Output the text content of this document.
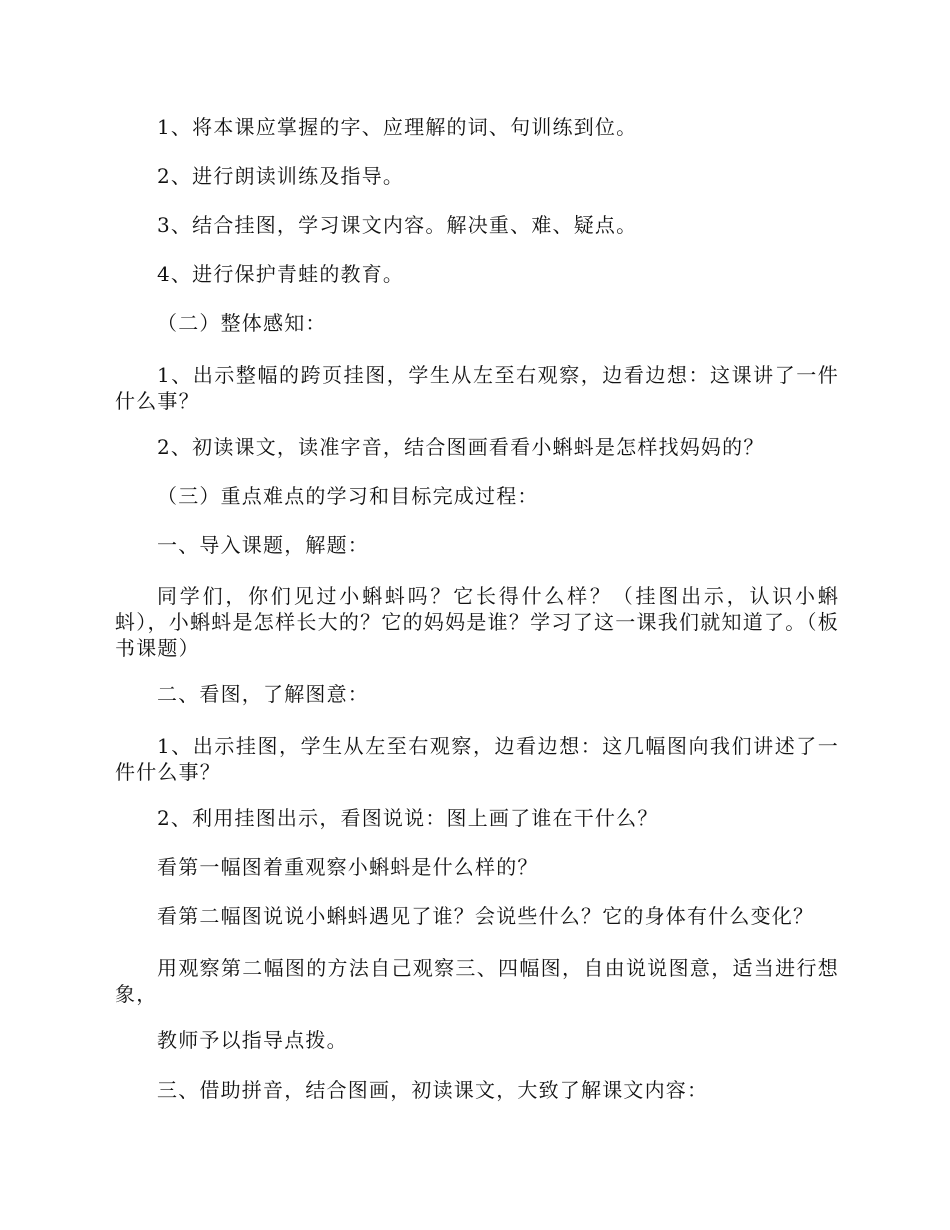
1、将本课应掌握的字、应理解的词、句训练到位。

2、进行朗读训练及指导。

3、结合挂图，学习课文内容。解决重、难、疑点。

4、进行保护青蛙的教育。

（二）整体感知：

1、出示整幅的跨页挂图，学生从左至右观察，边看边想：这课讲了一件什么事？

2、初读课文，读准字音，结合图画看看小蝌蚪是怎样找妈妈的？

（三）重点难点的学习和目标完成过程：

一、导入课题，解题：

同学们，你们见过小蝌蚪吗？它长得什么样？（挂图出示，认识小蝌蚪），小蝌蚪是怎样长大的？它的妈妈是谁？学习了这一课我们就知道了。（板书课题）

二、看图，了解图意：

1、出示挂图，学生从左至右观察，边看边想：这几幅图向我们讲述了一件什么事？

2、利用挂图出示，看图说说：图上画了谁在干什么？

看第一幅图着重观察小蝌蚪是什么样的？

看第二幅图说说小蝌蚪遇见了谁？会说些什么？它的身体有什么变化？

用观察第二幅图的方法自己观察三、四幅图，自由说说图意，适当进行想象，

教师予以指导点拨。

三、借助拼音，结合图画，初读课文，大致了解课文内容：
